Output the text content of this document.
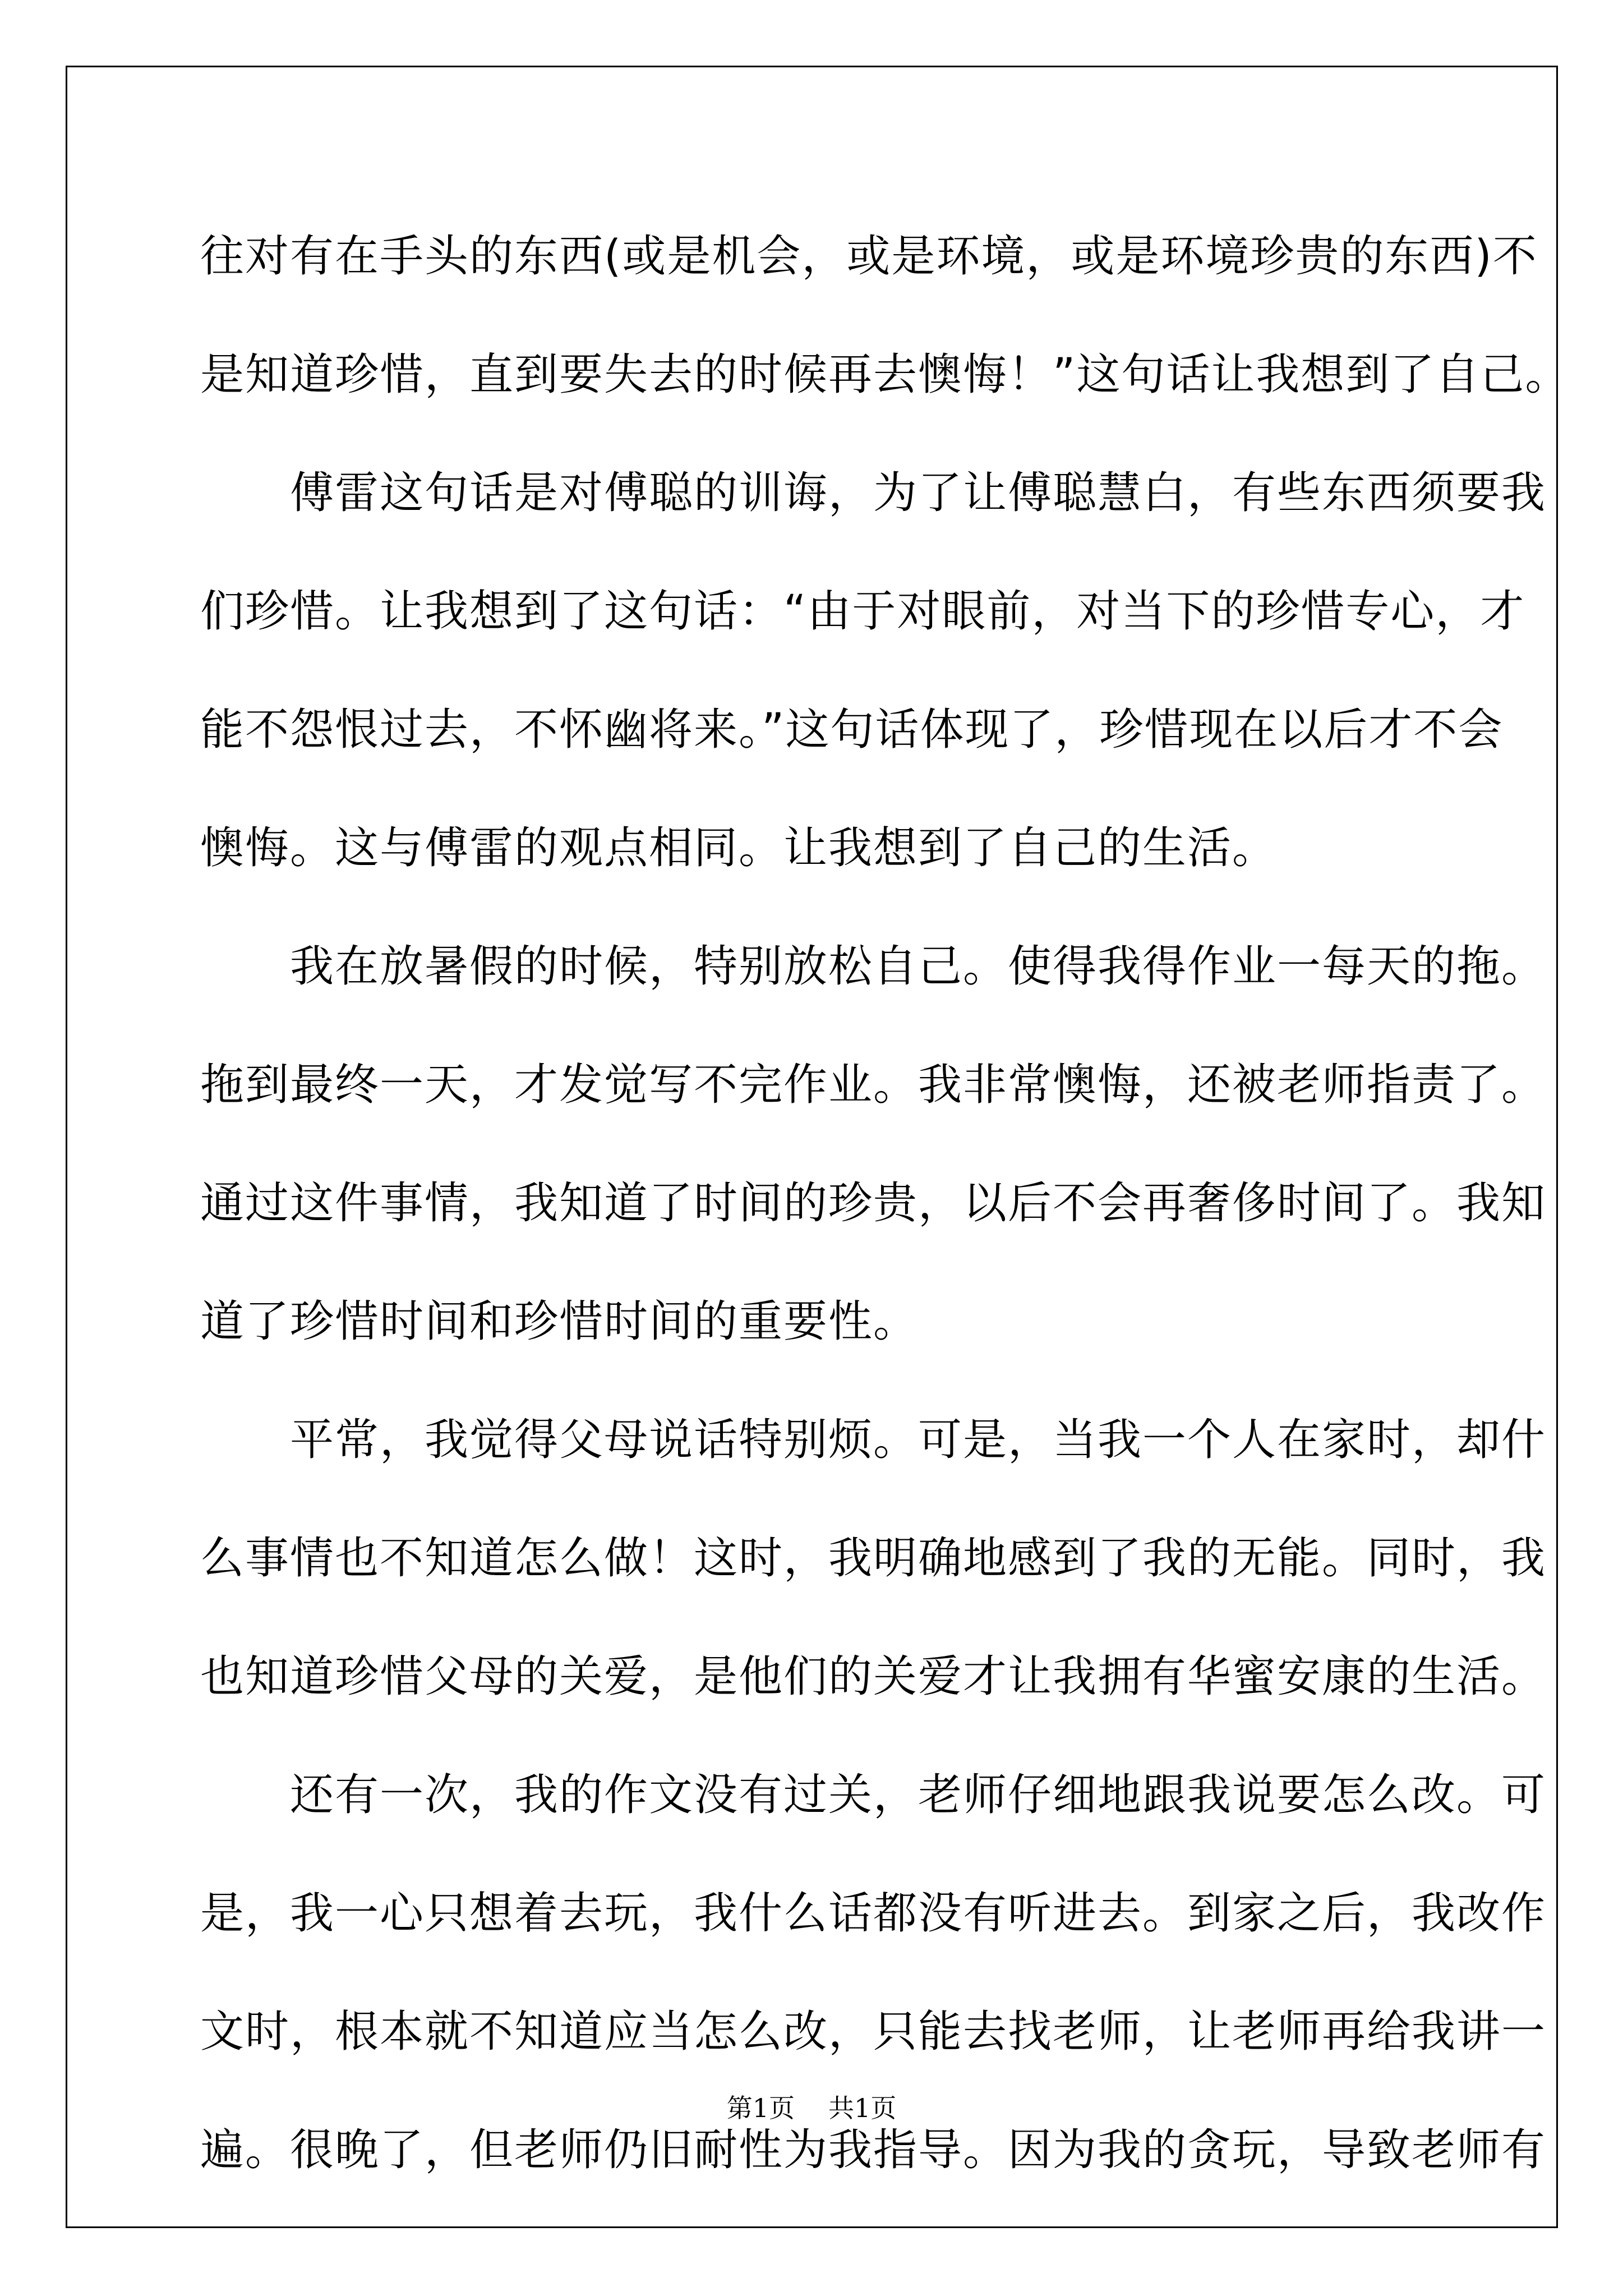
往对有在手头的东西(或是机会，或是环境，或是环境珍贵的东西)不
是知道珍惜，直到要失去的时候再去懊悔！”这句话让我想到了自己。
　　傅雷这句话是对傅聪的训诲，为了让傅聪慧白，有些东西须要我
们珍惜。让我想到了这句话：“由于对眼前，对当下的珍惜专心，才
能不怨恨过去，不怀幽将来。”这句话体现了，珍惜现在以后才不会
懊悔。这与傅雷的观点相同。让我想到了自己的生活。
　　我在放暑假的时候，特别放松自己。使得我得作业一每天的拖。
拖到最终一天，才发觉写不完作业。我非常懊悔，还被老师指责了。
通过这件事情，我知道了时间的珍贵，以后不会再奢侈时间了。我知
道了珍惜时间和珍惜时间的重要性。
　　平常，我觉得父母说话特别烦。可是，当我一个人在家时，却什
么事情也不知道怎么做！这时，我明确地感到了我的无能。同时，我
也知道珍惜父母的关爱，是他们的关爱才让我拥有华蜜安康的生活。
　　还有一次，我的作文没有过关，老师仔细地跟我说要怎么改。可
是，我一心只想着去玩，我什么话都没有听进去。到家之后，我改作
文时，根本就不知道应当怎么改，只能去找老师，让老师再给我讲一
遍。很晚了，但老师仍旧耐性为我指导。因为我的贪玩，导致老师有
第1页 共1页
